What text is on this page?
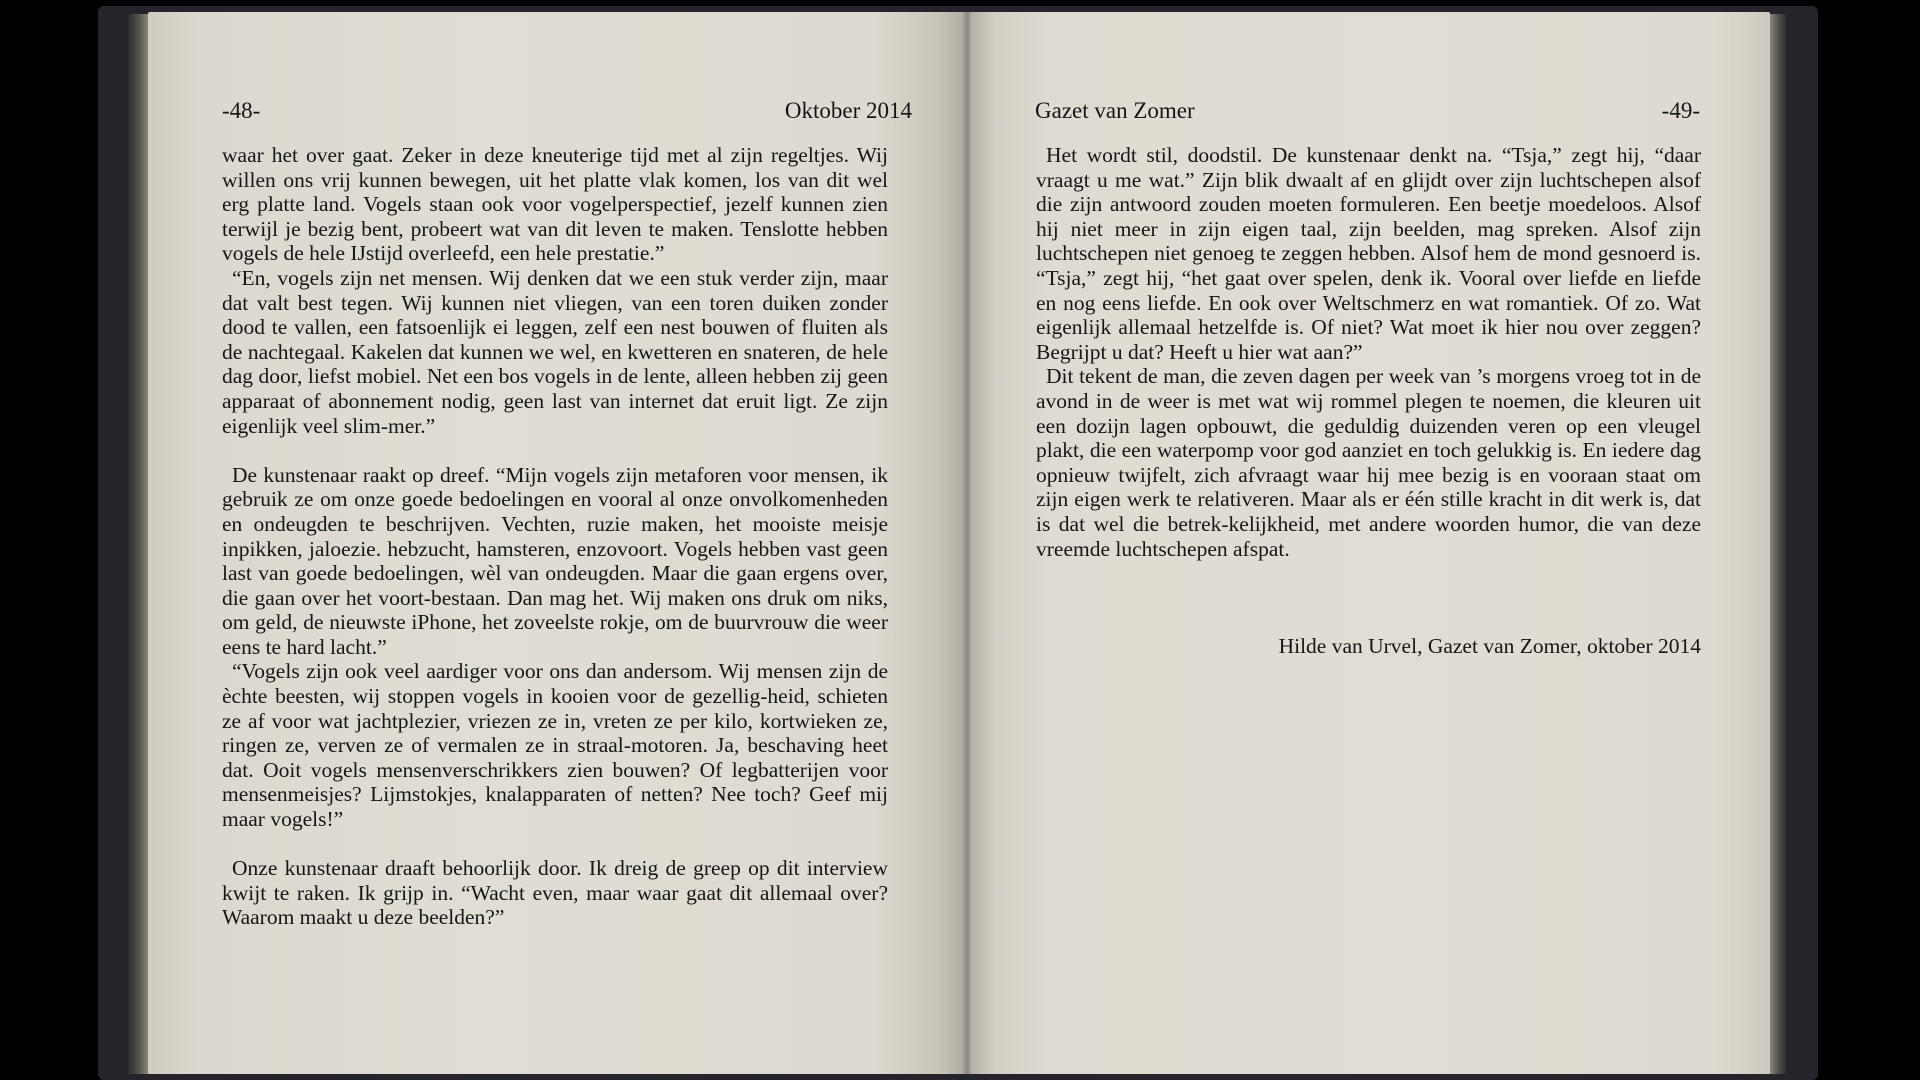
-48-	Oktober 2014

waar het over gaat. Zeker in deze kneuterige tijd met al zijn regeltjes. Wij willen ons vrij kunnen bewegen, uit het platte vlak komen, los van dit wel erg platte land. Vogels staan ook voor vogelperspectief, jezelf kunnen zien terwijl je bezig bent, probeert wat van dit leven te maken. Tenslotte hebben vogels de hele IJstijd overleefd, een hele prestatie.”

“En, vogels zijn net mensen. Wij denken dat we een stuk verder zijn, maar dat valt best tegen. Wij kunnen niet vliegen, van een toren duiken zonder dood te vallen, een fatsoenlijk ei leggen, zelf een nest bouwen of fluiten als de nachtegaal. Kakelen dat kunnen we wel, en kwetteren en snateren, de hele dag door, liefst mobiel. Net een bos vogels in de lente, alleen hebben zij geen apparaat of abonnement nodig, geen last van internet dat eruit ligt. Ze zijn eigenlijk veel slim-mer.”

De kunstenaar raakt op dreef. “Mijn vogels zijn metaforen voor mensen, ik gebruik ze om onze goede bedoelingen en vooral al onze onvolkomenheden en ondeugden te beschrijven. Vechten, ruzie maken, het mooiste meisje inpikken, jaloezie. hebzucht, hamsteren, enzovoort. Vogels hebben vast geen last van goede bedoelingen, wèl van ondeugden. Maar die gaan ergens over, die gaan over het voort-bestaan. Dan mag het. Wij maken ons druk om niks, om geld, de nieuwste iPhone, het zoveelste rokje, om de buurvrouw die weer eens te hard lacht.”

“Vogels zijn ook veel aardiger voor ons dan andersom. Wij mensen zijn de èchte beesten, wij stoppen vogels in kooien voor de gezellig-heid, schieten ze af voor wat jachtplezier, vriezen ze in, vreten ze per kilo, kortwieken ze, ringen ze, verven ze of vermalen ze in straal-motoren. Ja, beschaving heet dat. Ooit vogels mensenverschrikkers zien bouwen? Of legbatterijen voor mensenmeisjes? Lijmstokjes, knalapparaten of netten? Nee toch? Geef mij maar vogels!”

Onze kunstenaar draaft behoorlijk door. Ik dreig de greep op dit interview kwijt te raken. Ik grijp in. “Wacht even, maar waar gaat dit allemaal over? Waarom maakt u deze beelden?”

Gazet van Zomer	-49-

Het wordt stil, doodstil. De kunstenaar denkt na. “Tsja,” zegt hij, “daar vraagt u me wat.” Zijn blik dwaalt af en glijdt over zijn luchtschepen alsof die zijn antwoord zouden moeten formuleren. Een beetje moedeloos. Alsof hij niet meer in zijn eigen taal, zijn beelden, mag spreken. Alsof zijn luchtschepen niet genoeg te zeggen hebben. Alsof hem de mond gesnoerd is. “Tsja,” zegt hij, “het gaat over spelen, denk ik. Vooral over liefde en liefde en nog eens liefde. En ook over Weltschmerz en wat romantiek. Of zo. Wat eigenlijk allemaal hetzelfde is. Of niet? Wat moet ik hier nou over zeggen? Begrijpt u dat? Heeft u hier wat aan?”

Dit tekent de man, die zeven dagen per week van ’s morgens vroeg tot in de avond in de weer is met wat wij rommel plegen te noemen, die kleuren uit een dozijn lagen opbouwt, die geduldig duizenden veren op een vleugel plakt, die een waterpomp voor god aanziet en toch gelukkig is. En iedere dag opnieuw twijfelt, zich afvraagt waar hij mee bezig is en vooraan staat om zijn eigen werk te relativeren. Maar als er één stille kracht in dit werk is, dat is dat wel die betrek-kelijkheid, met andere woorden humor, die van deze vreemde luchtschepen afspat.

Hilde van Urvel, Gazet van Zomer, oktober 2014
